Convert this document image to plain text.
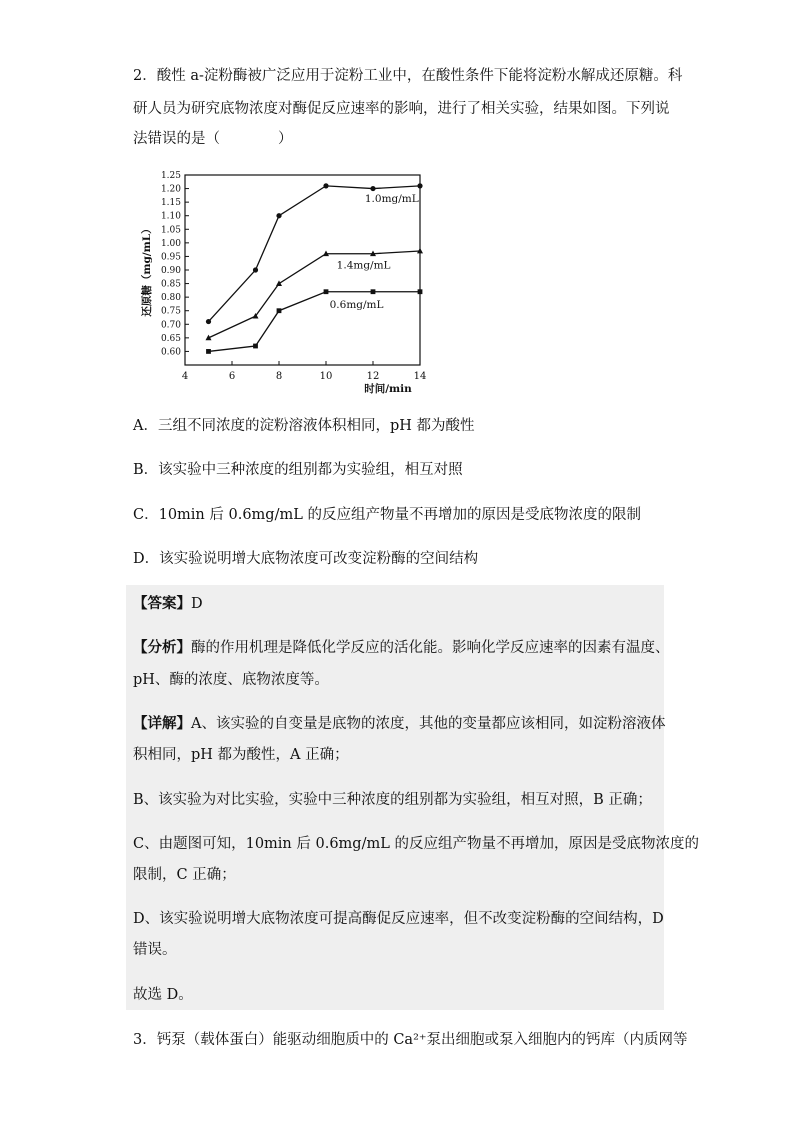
2．酸性 a-淀粉酶被广泛应用于淀粉工业中，在酸性条件下能将淀粉水解成还原糖。科
研人员为研究底物浓度对酶促反应速率的影响，进行了相关实验，结果如图。下列说
法错误的是（　　　　）
0.60
0.65
0.70
0.75
0.80
0.85
0.90
0.95
1.00
1.05
1.10
1.15
1.20
1.25
4	6	8	10	12	14
时间/min
还原糖（mg/mL）
1.0mg/mL
1.4mg/mL
0.6mg/mL
A．三组不同浓度的淀粉溶液体积相同，pH 都为酸性
B．该实验中三种浓度的组别都为实验组，相互对照
C．10min 后 0.6mg/mL 的反应组产物量不再增加的原因是受底物浓度的限制
D．该实验说明增大底物浓度可改变淀粉酶的空间结构
【答案】D
【分析】酶的作用机理是降低化学反应的活化能。影响化学反应速率的因素有温度、
pH、酶的浓度、底物浓度等。
【详解】A、该实验的自变量是底物的浓度，其他的变量都应该相同，如淀粉溶液体
积相同，pH 都为酸性，A 正确；
B、该实验为对比实验，实验中三种浓度的组别都为实验组，相互对照，B 正确；
C、由题图可知，10min 后 0.6mg/mL 的反应组产物量不再增加，原因是受底物浓度的
限制，C 正确；
D、该实验说明增大底物浓度可提高酶促反应速率，但不改变淀粉酶的空间结构，D
错误。
故选 D。
3．钙泵（载体蛋白）能驱动细胞质中的 Ca²⁺泵出细胞或泵入细胞内的钙库（内质网等
